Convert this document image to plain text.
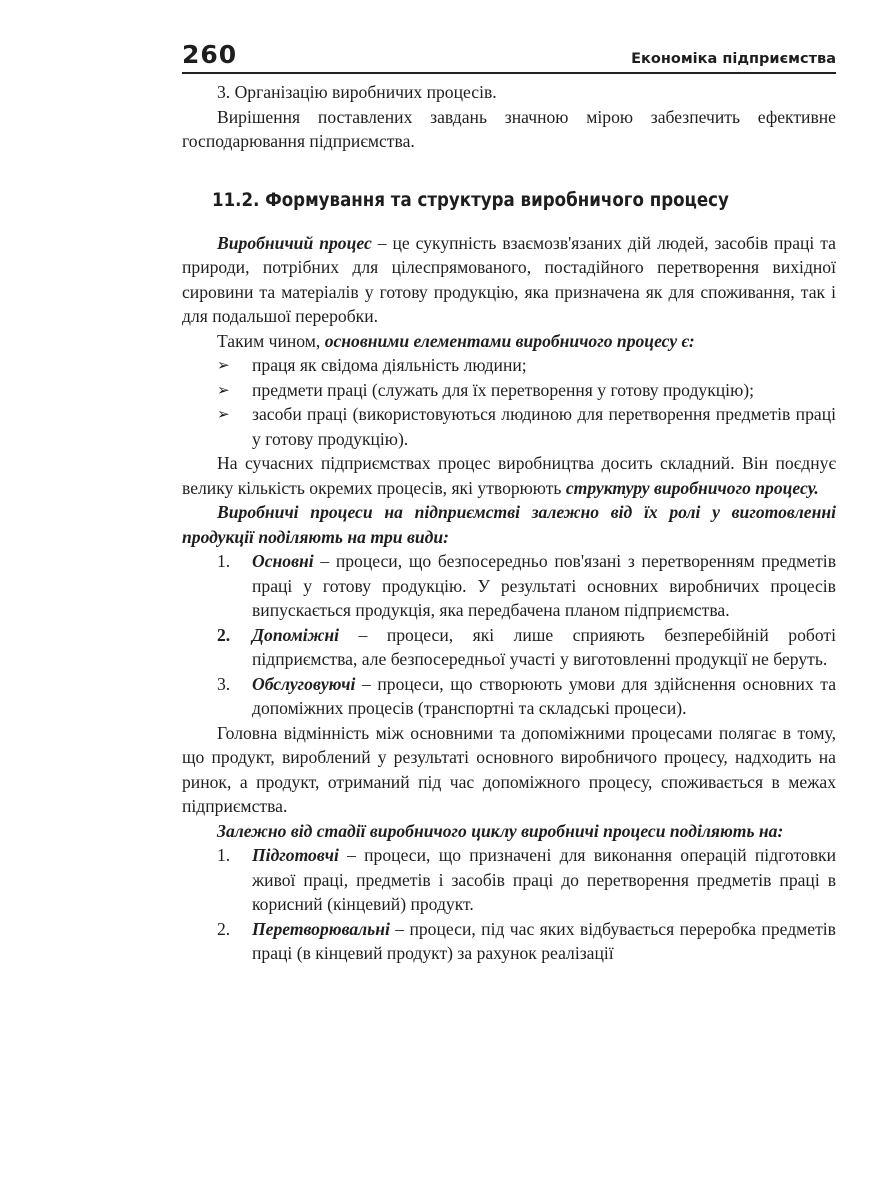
260	Економіка підприємства

3. Організацію виробничих процесів.

Вирішення поставлених завдань значною мірою забезпечить ефективне господарювання підприємства.

11.2. Формування та структура виробничого процесу

Виробничий процес – це сукупність взаємозв'язаних дій людей, засобів праці та природи, потрібних для цілеспрямованого, постадійного перетворення вихідної сировини та матеріалів у готову продукцію, яка призначена як для споживання, так і для подальшої переробки.

Таким чином, основними елементами виробничого процесу є:

➢ праця як свідома діяльність людини;
➢ предмети праці (служать для їх перетворення у готову продукцію);
➢ засоби праці (використовуються людиною для перетворення предметів праці у готову продукцію).

На сучасних підприємствах процес виробництва досить складний. Він поєднує велику кількість окремих процесів, які утворюють структуру виробничого процесу.

Виробничі процеси на підприємстві залежно від їх ролі у виготовленні продукції поділяють на три види:

1. Основні – процеси, що безпосередньо пов'язані з перетворенням предметів праці у готову продукцію. У результаті основних виробничих процесів випускається продукція, яка передбачена планом підприємства.
2. Допоміжні – процеси, які лише сприяють безперебійній роботі підприємства, але безпосередньої участі у виготовленні продукції не беруть.
3. Обслуговуючі – процеси, що створюють умови для здійснення основних та допоміжних процесів (транспортні та складські процеси).

Головна відмінність між основними та допоміжними процесами полягає в тому, що продукт, вироблений у результаті основного виробничого процесу, надходить на ринок, а продукт, отриманий під час допоміжного процесу, споживається в межах підприємства.

Залежно від стадії виробничого циклу виробничі процеси поділяють на:

1. Підготовчі – процеси, що призначені для виконання операцій підготовки живої праці, предметів і засобів праці до перетворення предметів праці в корисний (кінцевий) продукт.
2. Перетворювальні – процеси, під час яких відбувається переробка предметів праці (в кінцевий продукт) за рахунок реалізації
